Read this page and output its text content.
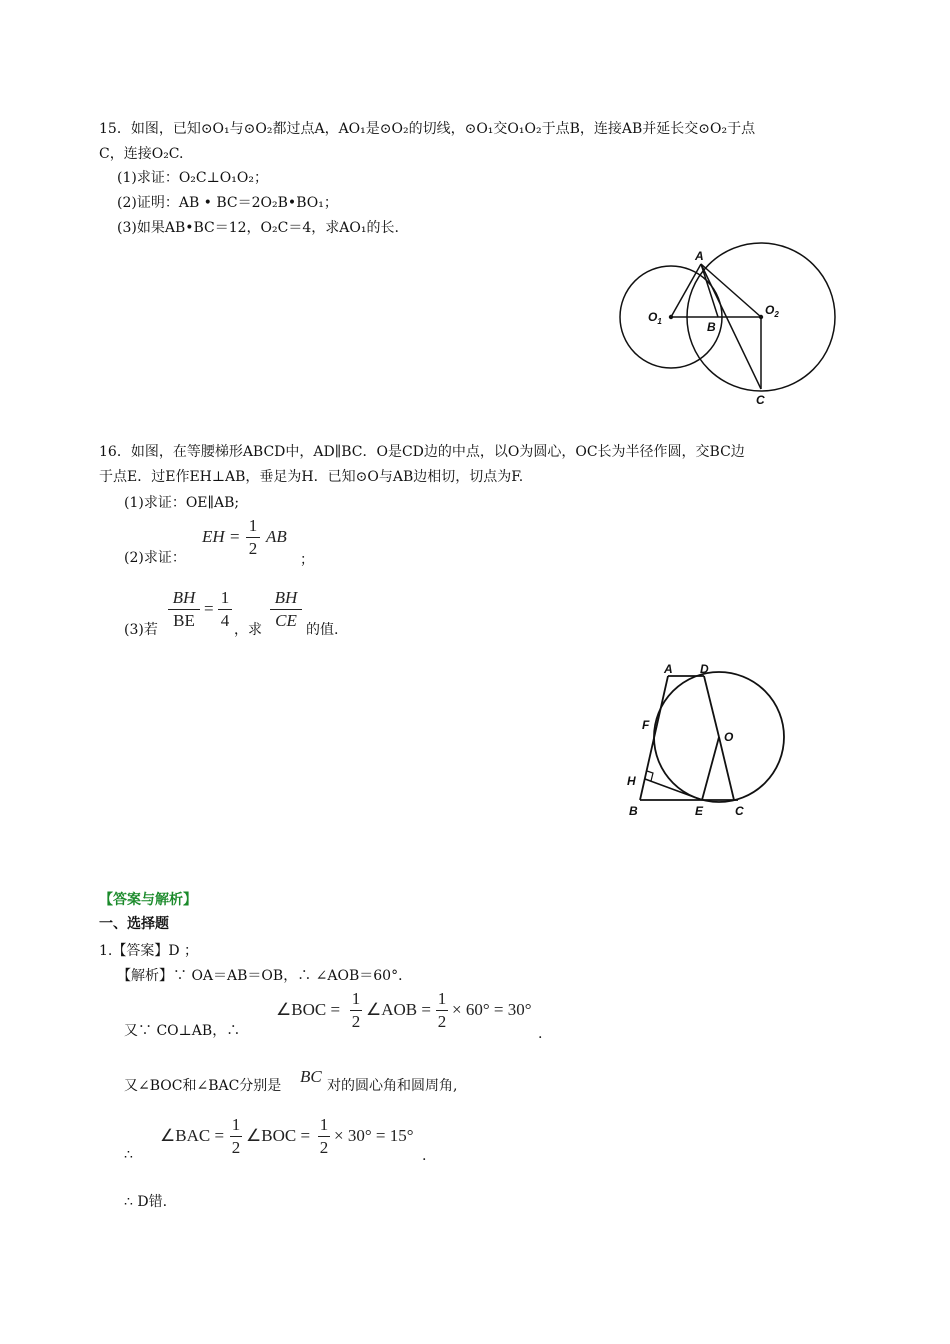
15．如图，已知⊙O₁与⊙O₂都过点A，AO₁是⊙O₂的切线，⊙O₁交O₁O₂于点B，连接AB并延长交⊙O₂于点
C，连接O₂C.
(1)求证：O₂C⊥O₁O₂；
(2)证明：AB • BC＝2O₂B•BO₁；
(3)如果AB•BC＝12，O₂C＝4，求AO₁的长.
A
$O_1$	B
$O_2$
C
16．如图，在等腰梯形ABCD中，AD∥BC．O是CD边的中点，以O为圆心，OC长为半径作圆，交BC边
于点E．过E作EH⊥AB，垂足为H．已知⊙O与AB边相切，切点为F.
(1)求证：OE∥AB;
(2)求证：
EH =
1
2
AB
；
(3)若
BH
BE
=
1
4 ，求
BH
CE 的值.
A D
F
O
H
B	E	C
【答案与解析】
一、选择题
1.【答案】D ；
【解析】∵ OA＝AB＝OB，∴ ∠AOB＝60°．
又∵ CO⊥AB，∴
∠BOC =
1
2
∠AOB =
1
2
× 60° = 30°
.
又∠BOC和∠BAC分别是 BC 对的圆心角和圆周角,
∴
∠BAC =
1
2
∠BOC =
1
2
× 30° = 15°
.
∴ D错.
